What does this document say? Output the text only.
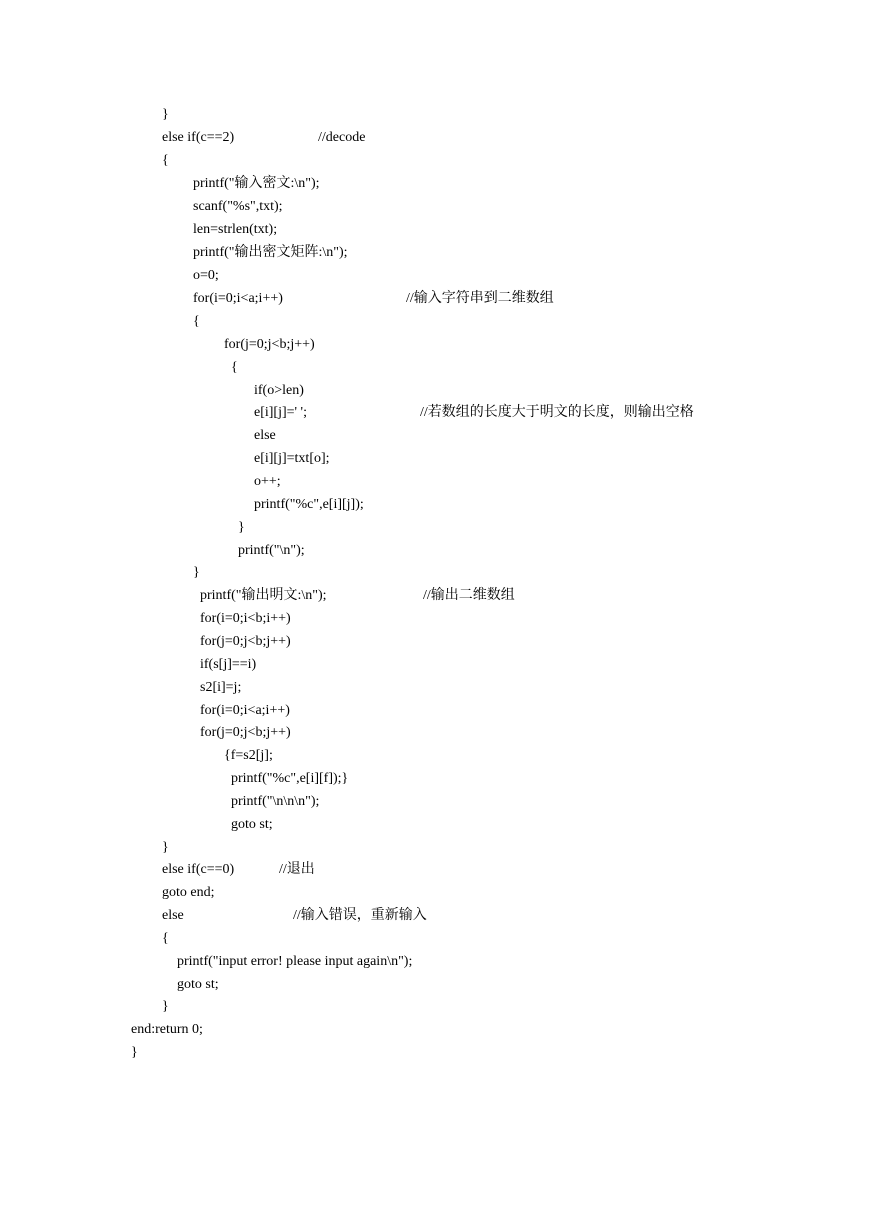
}
else if(c==2)	//decode
{
printf("输入密文:\n");
scanf("%s",txt);
len=strlen(txt);
printf("输出密文矩阵:\n");
o=0;
for(i=0;i<a;i++)	//输入字符串到二维数组
{
for(j=0;j<b;j++)
{
if(o>len)
e[i][j]=' ';	//若数组的长度大于明文的长度，则输出空格
else
e[i][j]=txt[o];
o++;
printf("%c",e[i][j]);
}
printf("\n");
}
printf("输出明文:\n");	//输出二维数组
for(i=0;i<b;i++)
for(j=0;j<b;j++)
if(s[j]==i)
s2[i]=j;
for(i=0;i<a;i++)
for(j=0;j<b;j++)
{f=s2[j];
printf("%c",e[i][f]);}
printf("\n\n\n");
goto st;
}
else if(c==0)	//退出
goto end;
else	//输入错误，重新输入
{
printf("input error! please input again\n");
goto st;
}
end:return 0;
}
